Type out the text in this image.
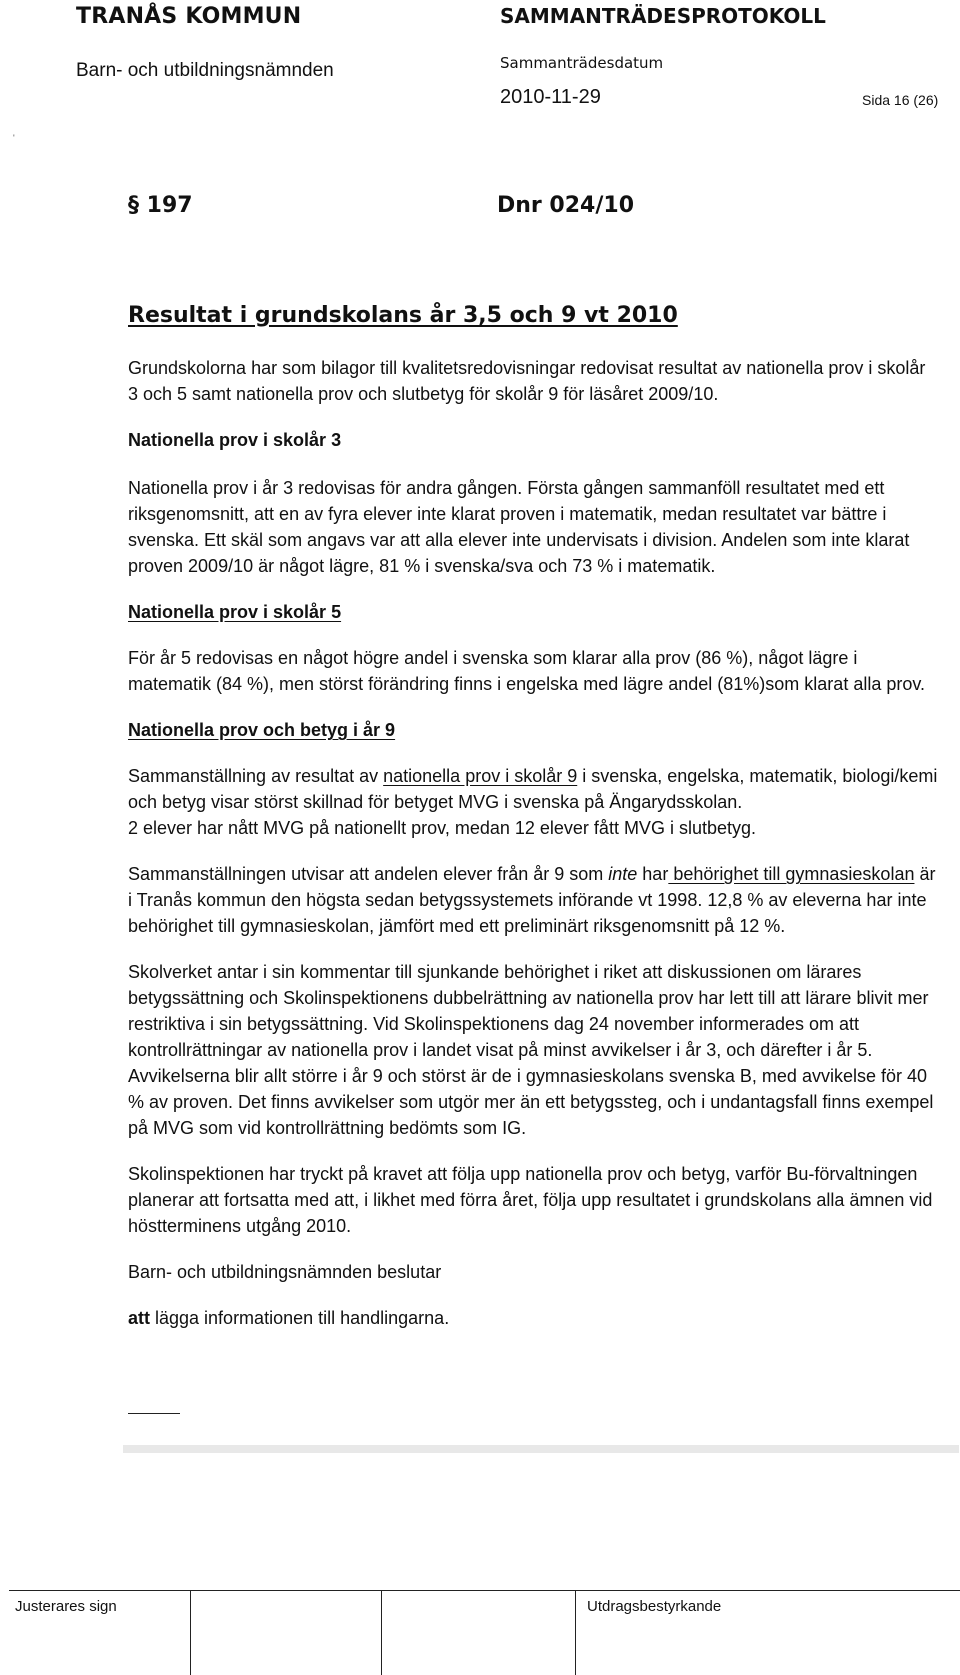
TRANÅS KOMMUN
Barn- och utbildningsnämnden
SAMMANTRÄDESPROTOKOLL
Sammanträdesdatum
2010-11-29	Sida 16 (26)
'
§ 197	Dnr 024/10
Resultat i grundskolans år 3,5 och 9 vt 2010

Grundskolorna har som bilagor till kvalitetsredovisningar redovisat resultat av nationella prov i skolår 3 och 5 samt nationella prov och slutbetyg för skolår 9 för läsåret 2009/10.

Nationella prov i skolår 3

Nationella prov i år 3 redovisas för andra gången. Första gången sammanföll resultatet med ett riksgenomsnitt, att en av fyra elever inte klarat proven i matematik, medan resultatet var bättre i svenska. Ett skäl som angavs var att alla elever inte undervisats i division. Andelen som inte klarat proven 2009/10 är något lägre, 81 % i svenska/sva och 73 % i matematik.

Nationella prov i skolår 5

För år 5 redovisas en något högre andel i svenska som klarar alla prov (86 %), något lägre i matematik (84 %), men störst förändring finns i engelska med lägre andel (81%)som klarat alla prov.

Nationella prov och betyg i år 9

Sammanställning av resultat av nationella prov i skolår 9 i svenska, engelska, matematik, biologi/kemi och betyg visar störst skillnad för betyget MVG i svenska på Ängarydsskolan.

2 elever har nått MVG på nationellt prov, medan 12 elever fått MVG i slutbetyg.

Sammanställningen utvisar att andelen elever från år 9 som inte har behörighet till gymnasieskolan är i Tranås kommun den högsta sedan betygssystemets införande vt 1998. 12,8 % av eleverna har inte behörighet till gymnasieskolan, jämfört med ett preliminärt riksgenomsnitt på 12 %.

Skolverket antar i sin kommentar till sjunkande behörighet i riket att diskussionen om lärares betygssättning och Skolinspektionens dubbelrättning av nationella prov har lett till att lärare blivit mer restriktiva i sin betygssättning. Vid Skolinspektionens dag 24 november informerades om att kontrollrättningar av nationella prov i landet visat på minst avvikelser i år 3, och därefter i år 5. Avvikelserna blir allt större i år 9 och störst är de i gymnasieskolans svenska B, med avvikelse för 40 % av proven. Det finns avvikelser som utgör mer än ett betygssteg, och i undantagsfall finns exempel på MVG som vid kontrollrättning bedömts som IG.

Skolinspektionen har tryckt på kravet att följa upp nationella prov och betyg, varför Bu-förvaltningen planerar att fortsatta med att, i likhet med förra året, följa upp resultatet i grundskolans alla ämnen vid höstterminens utgång 2010.

Barn- och utbildningsnämnden beslutar

att lägga informationen till handlingarna.

Justerares sign	Utdragsbestyrkande
